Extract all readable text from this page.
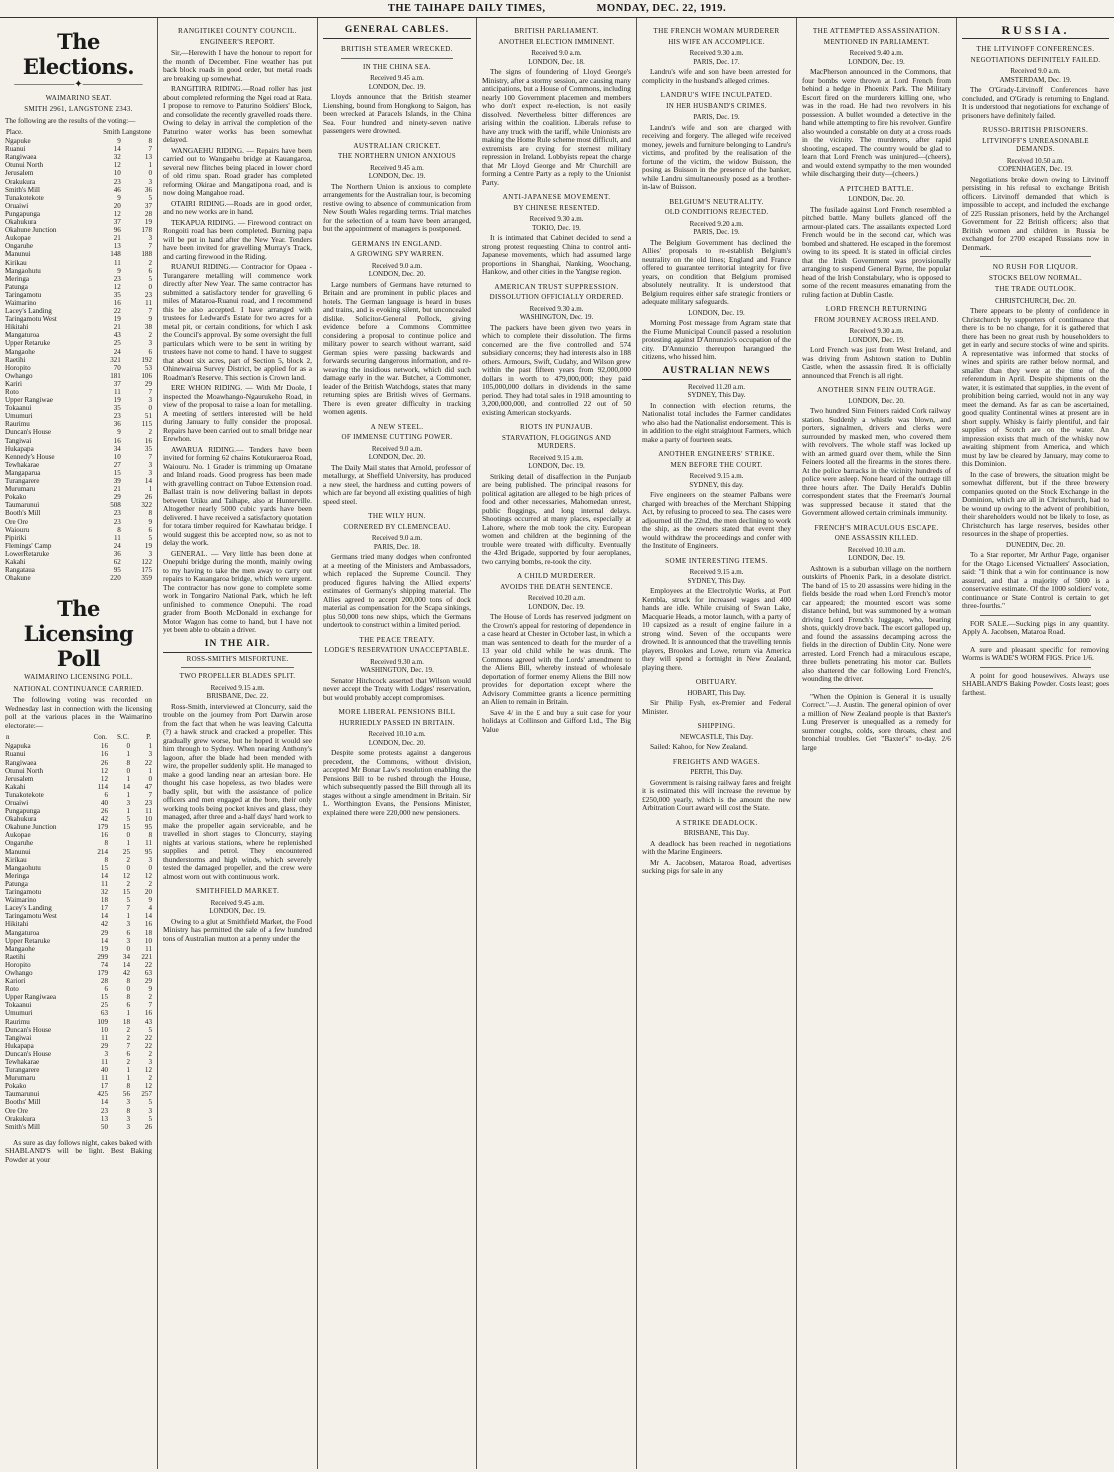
THE TAIHAPE DAILY TIMES,	MONDAY, DEC. 22, 1919.
The Elections.
——————✦——————
WAIMARINO SEAT.
SMITH 2961, LANGSTONE 2343.
The following are the results of the voting:—
Place.	Smith	Langstone
Ngapuke	9	8
Ruanui	14	7
Rangiwaea	32	13
Otunui North	12	1
Jerusalem	10	0
Orakukura	23	3
Smith's Mill	46	36
Tunakotekote	9	5
Oruaiwi	20	37
Pungapunga	12	28
Okahukura	37	19
Okahune Junction	96	178
Aukopae	21	3
Ongaruhe	13	7
Manunui	148	188
Kirikau	11	2
Mangaohutu	9	6
Meringa	23	5
Patunga	12	0
Taringamotu	35	23
Waimarino	16	11
Lacey's Landing	22	7
Taringamotu West	19	9
Hikitahi	21	38
Mangaturoa	43	2
Upper Retaruke	25	3
Mangaohe	24	6
Raetihi	321	192
Horopito	70	53
Owhango	181	106
Kariri	37	29
Roto	11	7
Upper Rangiwae	19	3
Tokaanui	35	0
Umumuri	23	51
Raurimu	36	115
Duncan's House	9	2
Tangiwai	16	16
Hukapapa	34	35
Kennedy's House	10	7
Tewhakarae	27	3
Mangaparua	15	3
Turangarere	39	14
Murumaru	21	1
Pokako	29	26
Taumarunui	508	322
Booth's Mill	23	8
Ore Ore	23	9
Waiouru	8	6
Pipiriki	11	5
Flemings' Camp	24	19
LowerRetaruke	36	3
Kakahi	62	122
Rangataua	95	175
Ohakune	220	359
The Licensing Poll
WAIMARINO LICENSING POLL.
NATIONAL CONTINUANCE CARRIED.

The following voting was recorded on Wednesday last in connection with the licensing poll at the various places in the Waimarino electorate:—

n	Con.	S.C.	P.
Ngapuka	16	0	1
Ruanui	16	1	3
Rangiwaea	26	8	22
Otunui North	12	0	1
Jerusalem	12	1	0
Kakahi	114	14	47
Tunakotekote	6	1	7
Oruaiwi	40	3	23
Pungapunga	26	1	11
Okahukura	42	5	10
Okahune Junction	179	15	95
Aukopae	16	0	8
Ongaruhe	8	1	11
Manunui	214	25	95
Kirikau	8	2	3
Mangaohutu	15	0	0
Meringa	14	12	12
Patunga	11	2	2
Taringamotu	32	15	20
Waimarino	18	5	9
Lacey's Landing	17	7	4
Taringamotu West	14	1	14
Hikitahi	42	3	16
Mangaturoa	29	6	18
Upper Retaruke	14	3	10
Mangaohe	19	0	11
Raetihi	299	34	221
Horopito	74	14	22
Owhango	179	42	63
Kariori	28	8	29
Roto	6	0	9
Upper Rangiwaea	15	8	2
Tokaanui	25	6	7
Umumuri	63	1	16
Raurimu	109	18	43
Duncan's House	10	2	5
Tangiwai	11	2	22
Hukapapa	29	7	22
Duncan's House	3	6	2
Tewhakarae	11	2	3
Turangarere	40	1	12
Murumaru	11	1	2
Pokako	17	8	12
Taumarunui	425	56	257
Booths' Mill	14	3	5
Ore Ore	23	8	3
Orakukura	13	3	5
Smith's Mill	50	3	26

As sure as day follows night, cakes baked with SHABLAND'S will be light. Best Baking Powder at your

RANGITIKEI COUNTY COUNCIL.
ENGINEER'S REPORT.

Sir,—Herewith I have the honour to report for the month of December. Fine weather has put back block roads in good order, but metal roads are breaking up somewhat.

RANGITIRA RIDING.—Road roller has just about completed reforming the Ngei road at Rata. I propose to remove to Paturino Soldiers' Block, and consolidate the recently gravelled roads there. Owing to delay in arrival the completion of the Paturino water works has been somewhat delayed.

WANGAEHU RIDING. — Repairs have been carried out to Wangaehu bridge at Kauangaroa, several new flitches being placed in lower chord of old rimu span. Road grader has completed reforming Okirae and Mangatipona road, and is now doing Mangahoe road.

OTAIRI RIDING.—Roads are in good order, and no new works are in hand.

TEKAPUA RIDING. — Firewood contract on Rongoiti road has been completed. Burning papa will be put in hand after the New Year. Tenders have been invited for gravelling Murray's Track, and carting firewood in the Riding.

RUANUI RIDING.— Contractor for Opaea - Turangarere metalling will commence work directly after New Year. The same contractor has submitted a satisfactory tender for gravelling 6 miles of Mataroa-Ruanui road, and I recommend this be also accepted. I have arranged with trustees for Ledward's Estate for two acres for a metal pit, or certain conditions, for which I ask the Council's approval. By some oversight the full particulars which were to be sent in writing by trustees have not come to hand. I have to suggest that about six acres, part of Section 5, block 2, Ohinewairua Survey District, be applied for as a Roadman's Reserve. This section is Crown land.

ERE WHON RIDING. — With Mr Doole, I inspected the Moawhango-Ngaurukeho Road, in view of the proposal to raise a loan for metalling. A meeting of settlers interested will be held during January to fully consider the proposal. Repairs have been carried out to small bridge near Erewhon.

AWARUA RIDING.— Tenders have been invited for forming 62 chains Kotukuraeroa Road, Waiouru. No. 1 Grader is trimming up Omatane and Inland roads. Good progress has been made with gravelling contract on Tuboe Extension road. Ballast train is now delivering ballast in depots between Utiku and Taihape, also at Hunterville. Altogether nearly 5000 cubic yards have been delivered. I have received a satisfactory quotation for totara timber required for Kawhatau bridge. I would suggest this be accepted now, so as not to delay the work.

GENERAL. — Very little has been done at Onepuhi bridge during the month, mainly owing to my having to take the men away to carry out repairs to Kauangaroa bridge, which were urgent. The contractor has now gone to complete some work in Tongariro National Park, which he left unfinished to commence Onepuhi. The road grader from Booth McDonald in exchange for Motor Wagon has come to hand, but I have not yet been able to obtain a driver.

IN THE AIR.
ROSS-SMITH'S MISFORTUNE.
TWO PROPELLER BLADES SPLIT.
Received 9.15 a.m.
BRISBANE, Dec. 22.

Ross-Smith, interviewed at Cloncurry, said the trouble on the journey from Port Darwin arose from the fact that when he was leaving Calcutta (?) a hawk struck and cracked a propeller. This gradually grew worse, but he hoped it would see him through to Sydney. When nearing Anthony's lagoon, after the blade had been mended with wire, the propeller suddenly split. He managed to make a good landing near an artesian bore. He thought his case hopeless, as two blades were badly split, but with the assistance of police officers and men engaged at the bore, their only working tools being pocket knives and glass, they managed, after three and a-half days' hard work to make the propeller again serviceable, and he travelled in short stages to Cloncurry, staying nights at various stations, where he replenished supplies and petrol. They encountered thunderstorms and high winds, which severely tested the damaged propeller, and the crew were almost worn out with continuous work.

SMITHFIELD MARKET.
Received 9.45 a.m.
LONDON, Dec. 19.

Owing to a glut at Smithfield Market, the Food Ministry has permitted the sale of a few hundred tons of Australian mutton at a penny under the

GENERAL CABLES.
BRITISH STEAMER WRECKED.
IN THE CHINA SEA.
Received 9.45 a.m.
LONDON, Dec. 19.

Lloyds announce that the British steamer Lienshing, bound from Hongkong to Saigon, has been wrecked at Paracels Islands, in the China Sea. Four hundred and ninety-seven native passengers were drowned.

AUSTRALIAN CRICKET.
THE NORTHERN UNION ANXIOUS
Received 9.45 a.m.
LONDON, Dec. 19.

The Northern Union is anxious to complete arrangements for the Australian tour, is becoming restive owing to absence of communication from New South Wales regarding terms. Trial matches for the selection of a team have been arranged, but the appointment of managers is postponed.

GERMANS IN ENGLAND.
A GROWING SPY WARREN.
Received 9.0 a.m.
LONDON, Dec. 20.

Large numbers of Germans have returned to Britain and are prominent in public places and hotels. The German language is heard in buses and trains, and is evoking silent, but unconcealed dislike. Solicitor-General Pollock, giving evidence before a Commons Committee considering a proposal to continue police and military power to search without warrant, said German spies were passing backwards and forwards securing dangerous information, and re-weaving the insidious network, which did such damage early in the war. Butcher, a Commoner, leader of the British Watchdogs, states that many returning spies are British wives of Germans. There is even greater difficulty in tracking women agents.

A NEW STEEL.
OF IMMENSE CUTTING POWER.
Received 9.0 a.m.
LONDON, Dec. 20.

The Daily Mail states that Arnold, professor of metallurgy, at Sheffield University, has produced a new steel, the hardness and cutting powers of which are far beyond all existing qualities of high speed steel.

THE WILY HUN.
CORNERED BY CLEMENCEAU.
Received 9.0 a.m.
PARIS, Dec. 18.

Germans tried many dodges when confronted at a meeting of the Ministers and Ambassadors, which replaced the Supreme Council. They produced figures halving the Allied experts' estimates of Germany's shipping material. The Allies agreed to accept 200,000 tons of dock material as compensation for the Scapa sinkings, plus 50,000 tons new ships, which the Germans undertook to construct within a limited period.

THE PEACE TREATY.
LODGE'S RESERVATION UNACCEPTABLE.
Received 9.30 a.m.
WASHINGTON, Dec. 19.

Senator Hitchcock asserted that Wilson would never accept the Treaty with Lodges' reservation, but would probably accept compromises.

MORE LIBERAL PENSIONS BILL
HURRIEDLY PASSED IN BRITAIN.
Received 10.10 a.m.
LONDON, Dec. 20.

Despite some protests against a dangerous precedent, the Commons, without division, accepted Mr Bonar Law's resolution enabling the Pensions Bill to be rushed through the House, which subsequently passed the Bill through all its stages without a single amendment in Britain. Sir L. Worthington Evans, the Pensions Minister, explained there were 220,000 new pensioners.

BRITISH PARLIAMENT.
ANOTHER ELECTION IMMINENT.
Received 9.0 a.m.
LONDON, Dec. 18.

The signs of foundering of Lloyd George's Ministry, after a stormy session, are causing many anticipations, but a House of Commons, including nearly 100 Government placemen and members who don't expect re-election, is not easily dissolved. Nevertheless bitter differences are arising within the coalition. Liberals refuse to have any truck with the tariff, while Unionists are making the Home Rule scheme most difficult, and extremists are crying for sternest military repression in Ireland. Lobbyists repeat the charge that Mr Lloyd George and Mr Churchill are forming a Centre Party as a reply to the Unionist Party.

ANTI-JAPANESE MOVEMENT.
BY CHINESE RESENTED.
Received 9.30 a.m.
TOKIO, Dec. 19.

It is intimated that Cabinet decided to send a strong protest requesting China to control anti-Japanese movements, which had assumed large proportions in Shanghai, Nanking, Woochang, Hankow, and other cities in the Yangtse region.

AMERICAN TRUST SUPPRESSION.
DISSOLUTION OFFICIALLY ORDERED.
Received 9.30 a.m.
WASHINGTON, Dec. 19.

The packers have been given two years in which to complete their dissolution. The firms concerned are the five controlled and 574 subsidiary concerns; they had interests also in 188 others. Armours, Swift, Cudahy, and Wilson grew within the past fifteen years from 92,000,000 dollars in worth to 479,000,000; they paid 105,000,000 dollars in dividends in the same period. They had total sales in 1918 amounting to 3,200,000,000, and controlled 22 out of 50 existing American stockyards.

RIOTS IN PUNJAUB.
STARVATION, FLOGGINGS AND MURDERS.
Received 9.15 a.m.
LONDON, Dec. 19.

Striking detail of disaffection in the Punjaub are being published. The principal reasons for political agitation are alleged to be high prices of food and other necessaries, Mahomedan unrest, public floggings, and long internal delays. Shootings occurred at many places, especially at Lahore, where the mob took the city. European women and children at the beginning of the trouble were treated with difficulty. Eventually the 43rd Brigade, supported by four aeroplanes, two carrying bombs, re-took the city.

A CHILD MURDERER.
AVOIDS THE DEATH SENTENCE.
Received 10.20 a.m.
LONDON, Dec. 19.

The House of Lords has reserved judgment on the Crown's appeal for restoring of dependence in a case heard at Chester in October last, in which a man was sentenced to death for the murder of a 13 year old child while he was drunk. The Commons agreed with the Lords' amendment to the Aliens Bill, whereby instead of wholesale deportation of former enemy Aliens the Bill now provides for deportation except where the Advisory Committee grants a licence permitting an Alien to remain in Britain.

Save 4/ in the £ and buy a suit case for your holidays at Collinson and Gifford Ltd., The Big Value

THE FRENCH WOMAN MURDERER
HIS WIFE AN ACCOMPLICE.
Received 9.30 a.m.
PARIS, Dec. 17.

Landru's wife and son have been arrested for complicity in the husband's alleged crimes.

LANDRU'S WIFE INCULPATED.
IN HER HUSBAND'S CRIMES.
PARIS, Dec. 19.

Landru's wife and son are charged with receiving and forgery. The alleged wife received money, jewels and furniture belonging to Landru's victims, and profited by the realisation of the fortune of the victim, the widow Buisson, the posing as Buisson in the presence of the banker, while Landru simultaneously posed as a brother-in-law of Buisson.

BELGIUM'S NEUTRALITY.
OLD CONDITIONS REJECTED.
Received 9.20 a.m.
PARIS, Dec. 19.

The Belgium Government has declined the Allies' proposals to re-establish Belgium's neutrality on the old lines; England and France offered to guarantee territorial integrity for five years, on condition that Belgium promised absolutely neutrality. It is understood that Belgium requires either safe strategic frontiers or adequate military safeguards.

LONDON, Dec. 19.

Morning Post message from Agram state that the Fiume Municipal Council passed a resolution protesting against D'Annunzio's occupation of the city. D'Annunzio thereupon harangued the citizens, who hissed him.

AUSTRALIAN NEWS
Received 11.20 a.m.
SYDNEY, This Day.

In connection with election returns, the Nationalist total includes the Farmer candidates who also had the Nationalist endorsement. This is in addition to the eight straightout Farmers, which make a party of fourteen seats.

ANOTHER ENGINEERS' STRIKE.
MEN BEFORE THE COURT.
Received 9.15 a.m.
SYDNEY, this day.

Five engineers on the steamer Palbans were charged with breaches of the Merchant Shipping Act, by refusing to proceed to sea. The cases were adjourned till the 22nd, the men declining to work the ship, as the owners stated that event they would withdraw the proceedings and confer with the Institute of Engineers.

SOME INTERESTING ITEMS.
Received 9.15 a.m.
SYDNEY, This Day.

Employees at the Electrolytic Works, at Port Kembla, struck for increased wages and 400 hands are idle. While cruising of Swan Lake, Macquarie Heads, a motor launch, with a party of 10 capsized as a result of engine failure in a strong wind. Seven of the occupants were drowned. It is announced that the travelling tennis players, Brookes and Lowe, return via America they will spend a fortnight in New Zealand, playing there.

OBITUARY.
HOBART, This Day.

Sir Philip Fysh, ex-Premier and Federal Minister.

SHIPPING.
NEWCASTLE, This Day.

Sailed: Kahoo, for New Zealand.

FREIGHTS AND WAGES.
PERTH, This Day.

Government is raising railway fares and freight it is estimated this will increase the revenue by £250,000 yearly, which is the amount the new Arbitration Court award will cost the State.

A STRIKE DEADLOCK.
BRISBANE, This Day.

A deadlock has been reached in negotiations with the Marine Engineers.

Mr A. Jacobsen, Mataroa Road, advertises sucking pigs for sale in any

THE ATTEMPTED ASSASSINATION.
MENTIONED IN PARLIAMENT.
Received 9.40 a.m.
LONDON, Dec. 19.

MacPherson announced in the Commons, that four bombs were thrown at Lord French from behind a hedge in Phoenix Park. The Military Escort fired on the murderers killing one, who was in the road. He had two revolvers in his possession. A bullet wounded a detective in the hand while attempting to fire his revolver. Gunfire also wounded a constable on duty at a cross roads in the vicinity. The murderers, after rapid shooting, escaped. The country would be glad to learn that Lord French was uninjured—(cheers), and would extend sympathy to the men wounded while discharging their duty—(cheers.)

A PITCHED BATTLE.
LONDON, Dec. 20.

The fusilade against Lord French resembled a pitched battle. Many bullets glanced off the armour-plated cars. The assailants expected Lord French would be in the second car, which was bombed and shattered. He escaped in the foremost owing to its speed. It is stated in official circles that the Irish Government was provisionally arranging to suspend General Byrne, the popular head of the Irish Constabulary, who is opposed to some of the recent measures emanating from the ruling faction at Dublin Castle.

LORD FRENCH RETURNING
FROM JOURNEY ACROSS IRELAND.
Received 9.30 a.m.
LONDON, Dec. 19.

Lord French was just from West Ireland, and was driving from Ashtown station to Dublin Castle, when the assassin fired. It is officially announced that French is all right.

ANOTHER SINN FEIN OUTRAGE.
LONDON, Dec. 20.

Two hundred Sinn Feiners raided Cork railway station. Suddenly a whistle was blown, and porters, signalmen, drivers and clerks were surrounded by masked men, who covered them with revolvers. The whole staff was locked up with an armed guard over them, while the Sinn Feiners looted all the firearms in the stores there. At the police barracks in the vicinity hundreds of police were asleep. None heard of the outrage till three hours after. The Daily Herald's Dublin correspondent states that the Freeman's Journal was suppressed because it stated that the Government allowed certain criminals immunity.

FRENCH'S MIRACULOUS ESCAPE.
ONE ASSASSIN KILLED.
Received 10.10 a.m.
LONDON, Dec. 19.

Ashtown is a suburban village on the northern outskirts of Phoenix Park, in a desolate district. The band of 15 to 20 assassins were hiding in the fields beside the road when Lord French's motor car appeared; the mounted escort was some distance behind, but was summoned by a woman driving Lord French's luggage, who, bearing shots, quickly drove back. The escort galloped up, and found the assassins decamping across the fields in the direction of Dublin City. None were arrested. Lord French had a miraculous escape, three bullets penetrating his motor car. Bullets also shattered the car following Lord French's, wounding the driver.

"When the Opinion is General it is usually Correct."—J. Austin. The general opinion of over a million of New Zealand people is that Baxter's Lung Preserver is unequalled as a remedy for summer coughs, colds, sore throats, chest and bronchial troubles. Get "Baxter's" to-day. 2/6 large

RUSSIA.
THE LITVINOFF CONFERENCES.
NEGOTIATIONS DEFINITELY FAILED.
Received 9.0 a.m.
AMSTERDAM, Dec. 19.

The O'Grady-Litvinoff Conferences have concluded, and O'Grady is returning to England. It is understood that negotiations for exchange of prisoners have definitely failed.

RUSSO-BRITISH PRISONERS.
LITVINOFF'S UNREASONABLE DEMANDS.
Received 10.50 a.m.
COPENHAGEN, Dec. 19.

Negotiations broke down owing to Litvinoff persisting in his refusal to exchange British officers. Litvinoff demanded that which is impossible to accept, and included the exchange of 225 Russian prisoners, held by the Archangel Government for 22 British officers; also that British women and children in Russia be exchanged for 2700 escaped Russians now in Denmark.

NO RUSH FOR LIQUOR.
STOCKS BELOW NORMAL.
THE TRADE OUTLOOK.
CHRISTCHURCH, Dec. 20.

There appears to be plenty of confidence in Christchurch by supporters of continuance that there is to be no change, for it is gathered that there has been no great rush by householders to get in early and secure stocks of wine and spirits. A representative was informed that stocks of wines and spirits are rather below normal, and smaller than they were at the time of the referendum in April. Despite shipments on the water, it is estimated that supplies, in the event of prohibition being carried, would not in any way meet the demand. As far as can be ascertained, good quality Continental wines at present are in short supply. Whisky is fairly plentiful, and fair supplies of Scotch are on the water. An impression exists that much of the whisky now awaiting shipment from America, and which must by law be cleared by January, may come to this Dominion.

In the case of brewers, the situation might be somewhat different, but if the three brewery companies quoted on the Stock Exchange in the Dominion, which are all in Christchurch, had to be wound up owing to the advent of prohibition, their shareholders would not be likely to lose, as Christchurch has large reserves, besides other resources in the shape of properties.

DUNEDIN, Dec. 20.

To a Star reporter, Mr Arthur Page, organiser for the Otago Licensed Victuallers' Association, said: "I think that a win for continuance is now assured, and that a majority of 5000 is a conservative estimate. Of the 1000 soldiers' vote, continuance or State Control is certain to get three-fourths."

FOR SALE.—Sucking pigs in any quantity. Apply A. Jacobsen, Mataroa Road.

A sure and pleasant specific for removing Worms is WADE'S WORM FIGS. Price 1/6.

A point for good housewives. Always use SHABLAND'S Baking Powder. Costs least; goes farthest.
